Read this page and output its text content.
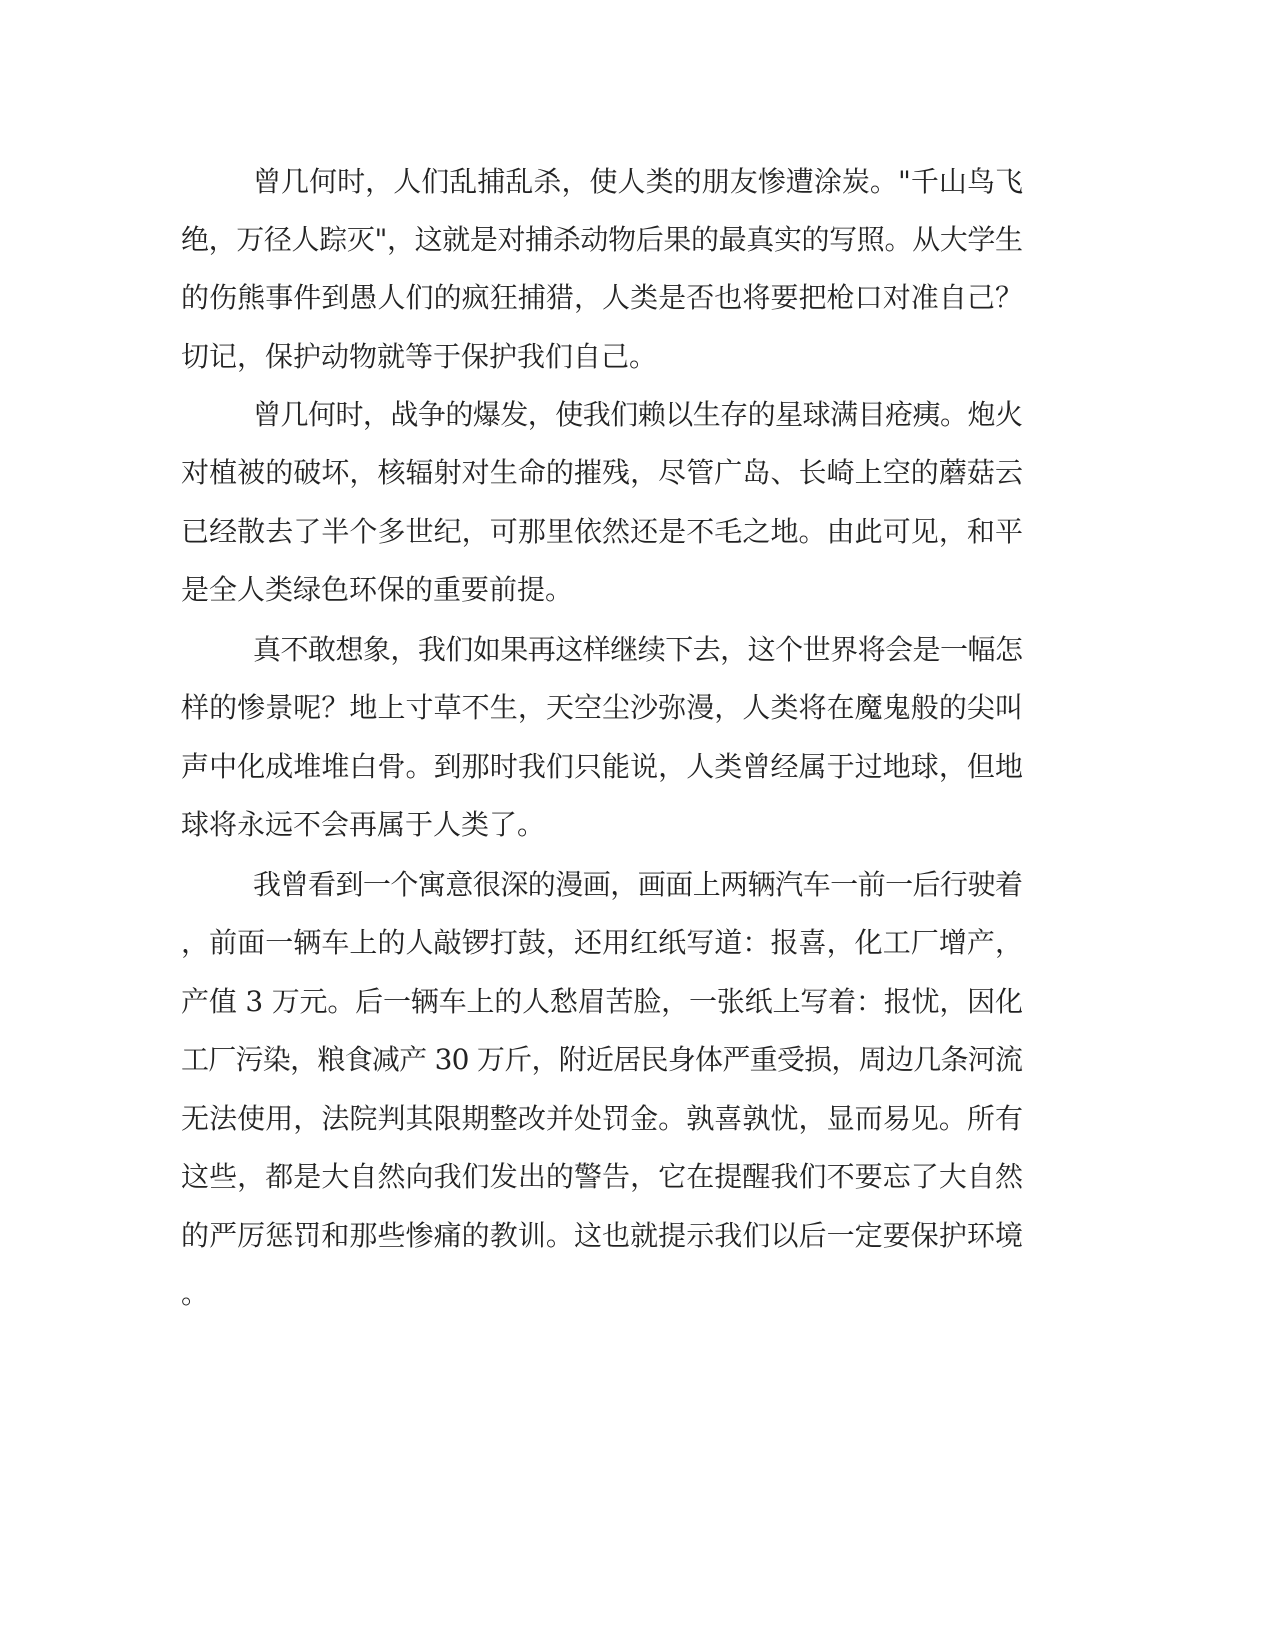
曾几何时，人们乱捕乱杀，使人类的朋友惨遭涂炭。"千山鸟飞
绝，万径人踪灭"，这就是对捕杀动物后果的最真实的写照。从大学生
的伤熊事件到愚人们的疯狂捕猎，人类是否也将要把枪口对准自己？
切记，保护动物就等于保护我们自己。
曾几何时，战争的爆发，使我们赖以生存的星球满目疮痍。炮火
对植被的破坏，核辐射对生命的摧残，尽管广岛、长崎上空的蘑菇云
已经散去了半个多世纪，可那里依然还是不毛之地。由此可见，和平
是全人类绿色环保的重要前提。
真不敢想象，我们如果再这样继续下去，这个世界将会是一幅怎
样的惨景呢？地上寸草不生，天空尘沙弥漫，人类将在魔鬼般的尖叫
声中化成堆堆白骨。到那时我们只能说，人类曾经属于过地球，但地
球将永远不会再属于人类了。
我曾看到一个寓意很深的漫画，画面上两辆汽车一前一后行驶着
，前面一辆车上的人敲锣打鼓，还用红纸写道：报喜，化工厂增产，
产值 3 万元。后一辆车上的人愁眉苦脸，一张纸上写着：报忧，因化
工厂污染，粮食减产 30 万斤，附近居民身体严重受损，周边几条河流
无法使用，法院判其限期整改并处罚金。孰喜孰忧，显而易见。所有
这些，都是大自然向我们发出的警告，它在提醒我们不要忘了大自然
的严厉惩罚和那些惨痛的教训。这也就提示我们以后一定要保护环境
。
